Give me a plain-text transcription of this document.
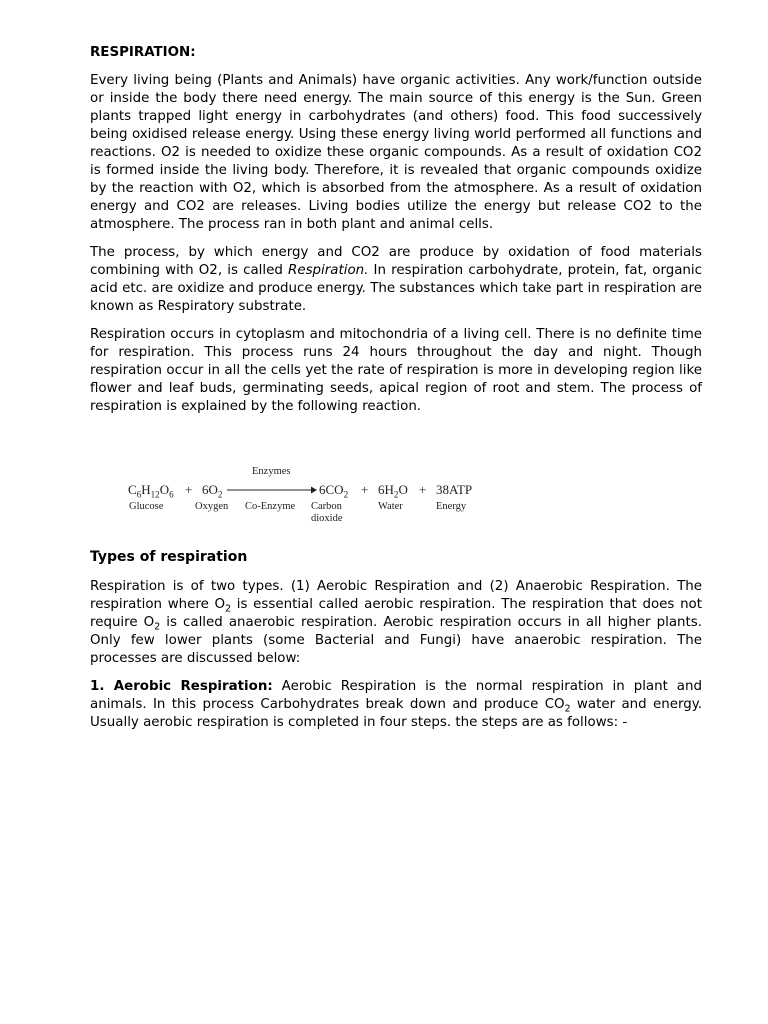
RESPIRATION:

Every living being (Plants and Animals) have organic activities. Any work/function outside or inside the body there need energy. The main source of this energy is the Sun. Green plants trapped light energy in carbohydrates (and others) food. This food successively being oxidised release energy. Using these energy living world performed all functions and reactions. O2 is needed to oxidize these organic compounds. As a result of oxidation CO2 is formed inside the living body. Therefore, it is revealed that organic compounds oxidize by the reaction with O2, which is absorbed from the atmosphere. As a result of oxidation energy and CO2 are releases. Living bodies utilize the energy but release CO2 to the atmosphere. The process ran in both plant and animal cells.

The process, by which energy and CO2 are produce by oxidation of food materials combining with O2, is called Respiration. In respiration carbohydrate, protein, fat, organic acid etc. are oxidize and produce energy. The substances which take part in respiration are known as Respiratory substrate.

Respiration occurs in cytoplasm and mitochondria of a living cell. There is no definite time for respiration. This process runs 24 hours throughout the day and night. Though respiration occur in all the cells yet the rate of respiration is more in developing region like flower and leaf buds, germinating seeds, apical region of root and stem. The process of respiration is explained by the following reaction.

Enzymes
$C_6H_{12}O_6 + 6O_2$	$6CO_2 + 6H_2O + 38ATP$
Glucose	Oxygen Co-Enzyme Carbon
dioxide
Water	Energy
Types of respiration

Respiration is of two types. (1) Aerobic Respiration and (2) Anaerobic Respiration. The respiration where $O_2$ is essential called aerobic respiration. The respiration that does not require $O_2$ is called anaerobic respiration. Aerobic respiration occurs in all higher plants. Only few lower plants (some Bacterial and Fungi) have anaerobic respiration. The processes are discussed below:

1. Aerobic Respiration: Aerobic Respiration is the normal respiration in plant and animals. In this process Carbohydrates break down and produce $CO_2$ water and energy. Usually aerobic respiration is completed in four steps. the steps are as follows: -
